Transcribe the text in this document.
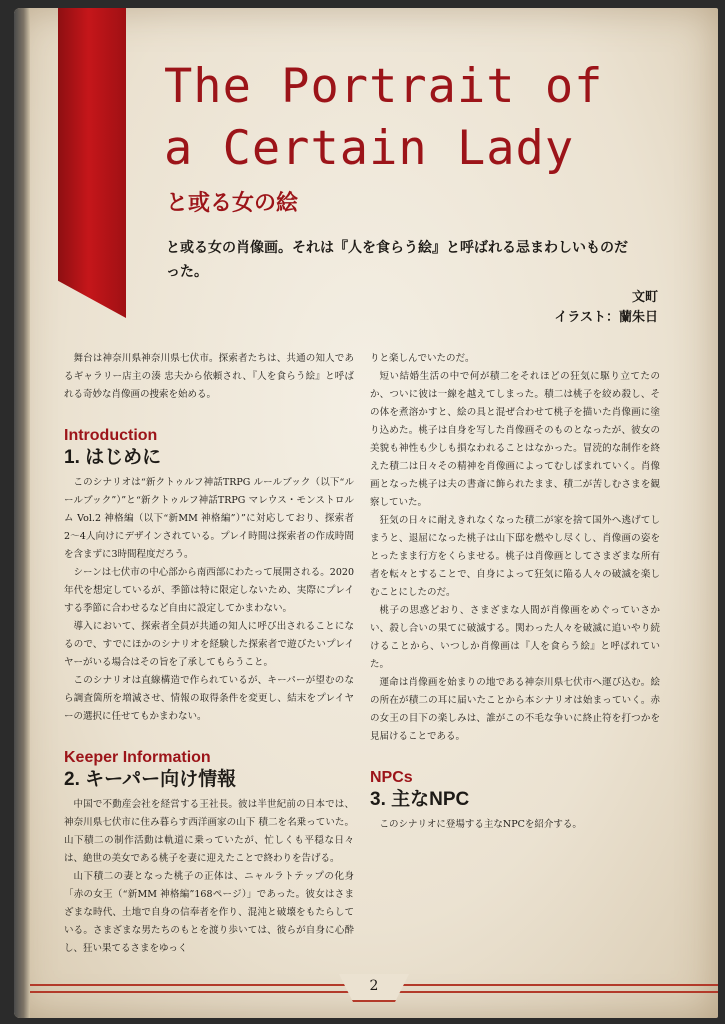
The Portrait of
a Certain Lady
と或る女の絵
と或る女の肖像画。それは『人を食らう絵』と呼ばれる忌まわしいものだった。
文町
イラスト：蘭朱日

舞台は神奈川県神奈川県七伏市。探索者たちは、共通の知人であるギャラリー店主の湊 忠夫から依頼され、『人を食らう絵』と呼ばれる奇妙な肖像画の捜索を始める。

Introduction
1. はじめに

このシナリオは“新クトゥルフ神話TRPG ルールブック（以下“ルールブック”）”と“新クトゥルフ神話TRPG マレウス・モンストロルム Vol.2 神格編（以下“新MM 神格編”）”に対応しており、探索者2〜4人向けにデザインされている。プレイ時間は探索者の作成時間を含まずに3時間程度だろう。

シーンは七伏市の中心部から南西部にわたって展開される。2020年代を想定しているが、季節は特に限定しないため、実際にプレイする季節に合わせるなど自由に設定してかまわない。

導入において、探索者全員が共通の知人に呼び出されることになるので、すでにほかのシナリオを経験した探索者で遊びたいプレイヤーがいる場合はその旨を了承してもらうこと。

このシナリオは直線構造で作られているが、キーパーが望むのなら調査箇所を増減させ、情報の取得条件を変更し、結末をプレイヤーの選択に任せてもかまわない。

Keeper Information
2. キーパー向け情報

中国で不動産会社を経営する王社長。彼は半世紀前の日本では、神奈川県七伏市に住み暮らす西洋画家の山下 積二を名乗っていた。山下積二の制作活動は軌道に乗っていたが、忙しくも平穏な日々は、絶世の美女である桃子を妻に迎えたことで終わりを告げる。

山下積二の妻となった桃子の正体は、ニャルラトテップの化身「赤の女王（“新MM 神格編”168ページ）」であった。彼女はさまざまな時代、土地で自身の信奉者を作り、混沌と破壊をもたらしている。さまざまな男たちのもとを渡り歩いては、彼らが自身に心酔し、狂い果てるさまをゆっく

りと楽しんでいたのだ。

短い結婚生活の中で何が積二をそれほどの狂気に駆り立てたのか、ついに彼は一線を越えてしまった。積二は桃子を絞め殺し、その体を煮溶かすと、絵の具と混ぜ合わせて桃子を描いた肖像画に塗り込めた。桃子は自身を写した肖像画そのものとなったが、彼女の美貌も神性も少しも損なわれることはなかった。冒涜的な制作を終えた積二は日々その精神を肖像画によってむしばまれていく。肖像画となった桃子は夫の書斎に飾られたまま、積二が苦しむさまを観察していた。

狂気の日々に耐えきれなくなった積二が家を捨て国外へ逃げてしまうと、退屈になった桃子は山下邸を燃やし尽くし、肖像画の姿をとったまま行方をくらませる。桃子は肖像画としてさまざまな所有者を転々とすることで、自身によって狂気に陥る人々の破滅を楽しむことにしたのだ。

桃子の思惑どおり、さまざまな人間が肖像画をめぐっていさかい、殺し合いの果てに破滅する。関わった人々を破滅に追いやり続けることから、いつしか肖像画は『人を食らう絵』と呼ばれていた。

運命は肖像画を始まりの地である神奈川県七伏市へ運び込む。絵の所在が積二の耳に届いたことから本シナリオは始まっていく。赤の女王の目下の楽しみは、誰がこの不毛な争いに終止符を打つかを見届けることである。

NPCs
3. 主なNPC

このシナリオに登場する主なNPCを紹介する。

2
